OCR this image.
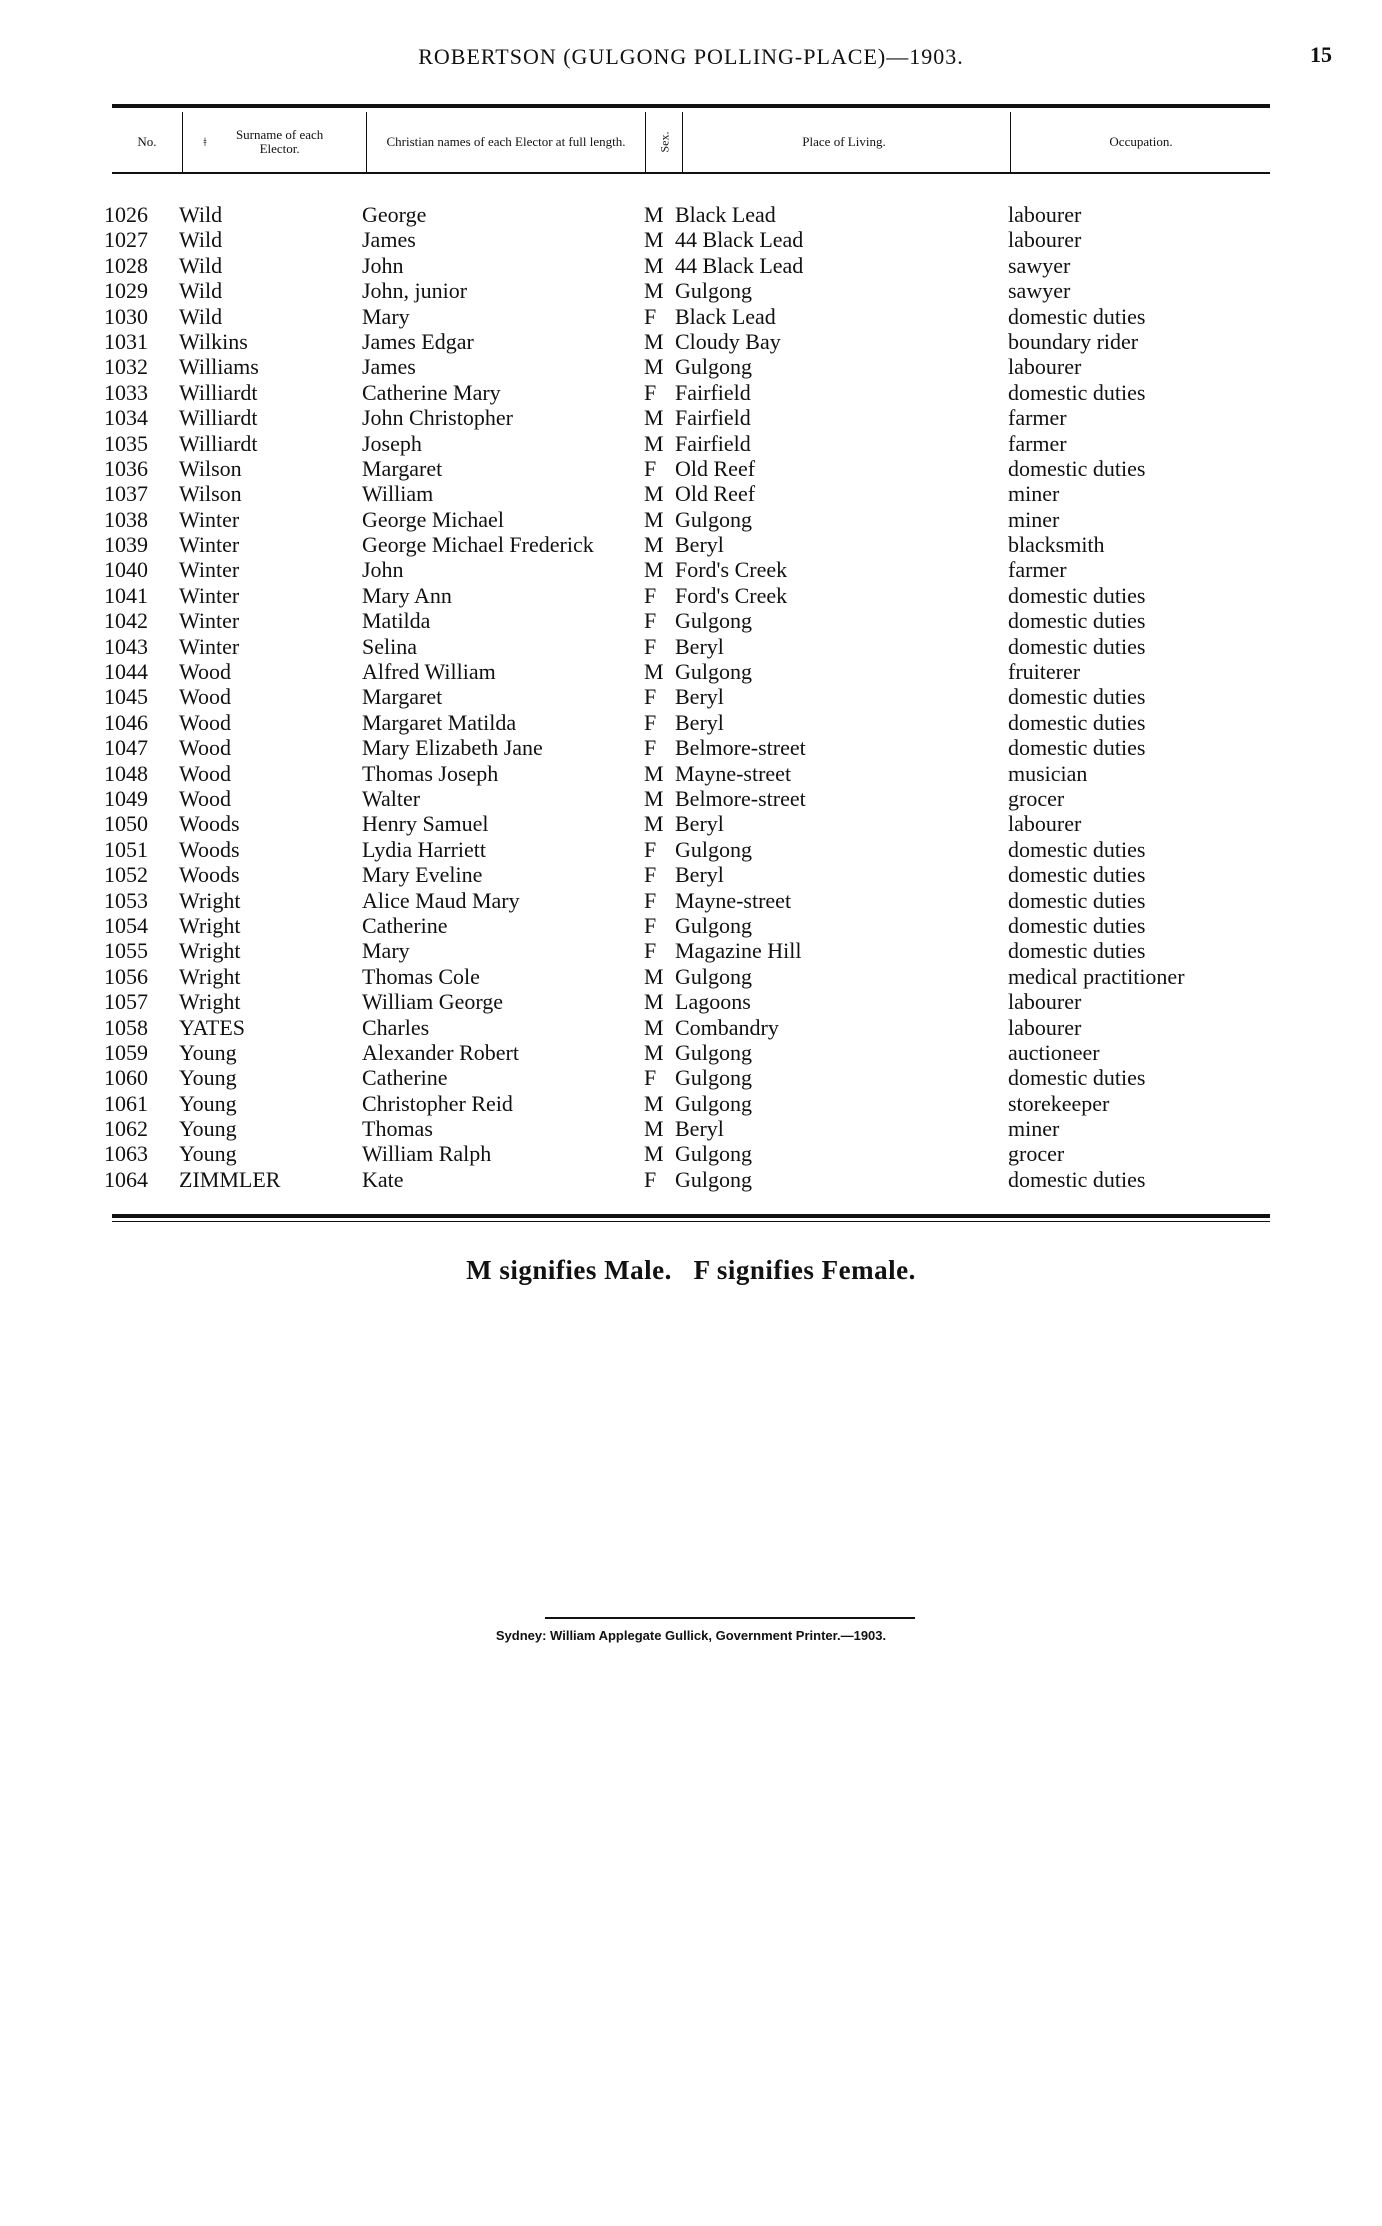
ROBERTSON (GULGONG POLLING-PLACE)—1903.	15
No.	ǂ	Surname of each Elector.	Christian names of each Elector at full length.	Sex.	Place of Living.	Occupation.
1026	Wild	George	M Black Lead	labourer
1027	Wild	James	M 44 Black Lead	labourer
1028	Wild	John	M 44 Black Lead	sawyer
1029	Wild	John, junior	M Gulgong	sawyer
1030	Wild	Mary	F Black Lead	domestic duties
1031	Wilkins	James Edgar	M Cloudy Bay	boundary rider
1032	Williams	James	M Gulgong	labourer
1033	Williardt	Catherine Mary	F Fairfield	domestic duties
1034	Williardt	John Christopher	M Fairfield	farmer
1035	Williardt	Joseph	M Fairfield	farmer
1036	Wilson	Margaret	F Old Reef	domestic duties
1037	Wilson	William	M Old Reef	miner
1038	Winter	George Michael	M Gulgong	miner
1039	Winter	George Michael Frederick	M Beryl	blacksmith
1040	Winter	John	M Ford's Creek	farmer
1041	Winter	Mary Ann	F Ford's Creek	domestic duties
1042	Winter	Matilda	F Gulgong	domestic duties
1043	Winter	Selina	F Beryl	domestic duties
1044	Wood	Alfred William	M Gulgong	fruiterer
1045	Wood	Margaret	F Beryl	domestic duties
1046	Wood	Margaret Matilda	F Beryl	domestic duties
1047	Wood	Mary Elizabeth Jane	F Belmore-street	domestic duties
1048	Wood	Thomas Joseph	M Mayne-street	musician
1049	Wood	Walter	M Belmore-street	grocer
1050	Woods	Henry Samuel	M Beryl	labourer
1051	Woods	Lydia Harriett	F Gulgong	domestic duties
1052	Woods	Mary Eveline	F Beryl	domestic duties
1053	Wright	Alice Maud Mary	F Mayne-street	domestic duties
1054	Wright	Catherine	F Gulgong	domestic duties
1055	Wright	Mary	F Magazine Hill	domestic duties
1056	Wright	Thomas Cole	M Gulgong	medical practitioner
1057	Wright	William George	M Lagoons	labourer
1058	YATES	Charles	M Combandry	labourer
1059	Young	Alexander Robert	M Gulgong	auctioneer
1060	Young	Catherine	F Gulgong	domestic duties
1061	Young	Christopher Reid	M Gulgong	storekeeper
1062	Young	Thomas	M Beryl	miner
1063	Young	William Ralph	M Gulgong	grocer
1064	ZIMMLER	Kate	F Gulgong	domestic duties
M signifies Male.   F signifies Female.
Sydney: William Applegate Gullick, Government Printer.—1903.
